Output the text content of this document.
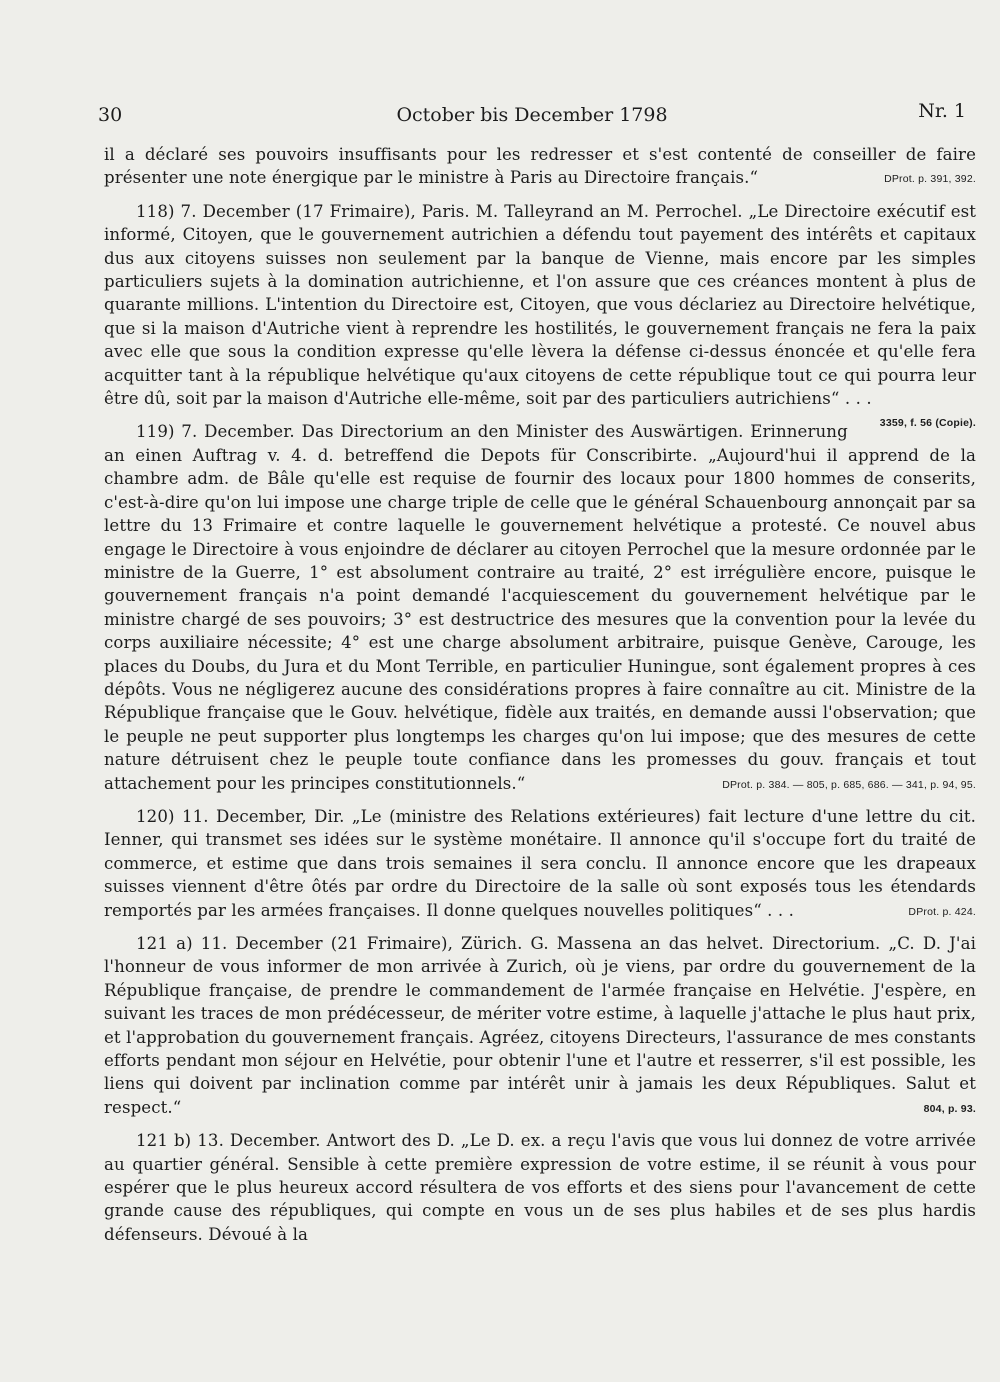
30	October bis December 1798	Nr. 1

il a déclaré ses pouvoirs insuffisants pour les redresser et s'est contenté de conseiller de faire présenter une note énergique par le ministre à Paris au Directoire français.“	DProt. p. 391, 392.

118) 7. December (17 Frimaire), Paris. M. Talleyrand an M. Perrochel. „Le Directoire exécutif est informé, Citoyen, que le gouvernement autrichien a défendu tout payement des intérêts et capitaux dus aux citoyens suisses non seulement par la banque de Vienne, mais encore par les simples particuliers sujets à la domination autrichienne, et l'on assure que ces créances montent à plus de quarante millions. L'intention du Directoire est, Citoyen, que vous déclariez au Directoire helvétique, que si la maison d'Autriche vient à reprendre les hostilités, le gouvernement français ne fera la paix avec elle que sous la condition expresse qu'elle lèvera la défense ci-dessus énoncée et qu'elle fera acquitter tant à la république helvétique qu'aux citoyens de cette république tout ce qui pourra leur être dû, soit par la maison d'Autriche elle-même, soit par des particuliers autrichiens“ . . .
3359, f. 56 (Copie).

119) 7. December. Das Directorium an den Minister des Auswärtigen. Erinnerung an einen Auftrag v. 4. d. betreffend die Depots für Conscribirte. „Aujourd'hui il apprend de la chambre adm. de Bâle qu'elle est requise de fournir des locaux pour 1800 hommes de conserits, c'est-à-dire qu'on lui impose une charge triple de celle que le général Schauenbourg annonçait par sa lettre du 13 Frimaire et contre laquelle le gouvernement helvétique a protesté. Ce nouvel abus engage le Directoire à vous enjoindre de déclarer au citoyen Perrochel que la mesure ordonnée par le ministre de la Guerre, 1° est absolument contraire au traité, 2° est irrégulière encore, puisque le gouvernement français n'a point demandé l'acquiescement du gouvernement helvétique par le ministre chargé de ses pouvoirs; 3° est destructrice des mesures que la convention pour la levée du corps auxiliaire nécessite; 4° est une charge absolument arbitraire, puisque Genève, Carouge, les places du Doubs, du Jura et du Mont Terrible, en particulier Huningue, sont également propres à ces dépôts. Vous ne négligerez aucune des considérations propres à faire connaître au cit. Ministre de la République française que le Gouv. helvétique, fidèle aux traités, en demande aussi l'observation; que le peuple ne peut supporter plus longtemps les charges qu'on lui impose; que des mesures de cette nature détruisent chez le peuple toute confiance dans les promesses du gouv. français et tout attachement pour les principes constitutionnels.“	DProt. p. 384. — 805, p. 685, 686. — 341, p. 94, 95.

120) 11. December, Dir. „Le (ministre des Relations extérieures) fait lecture d'une lettre du cit. Ienner, qui transmet ses idées sur le système monétaire. Il annonce qu'il s'occupe fort du traité de commerce, et estime que dans trois semaines il sera conclu. Il annonce encore que les drapeaux suisses viennent d'être ôtés par ordre du Directoire de la salle où sont exposés tous les étendards remportés par les armées françaises. Il donne quelques nouvelles politiques“ . . .	DProt. p. 424.

121 a) 11. December (21 Frimaire), Zürich. G. Massena an das helvet. Directorium. „C. D. J'ai l'honneur de vous informer de mon arrivée à Zurich, où je viens, par ordre du gouvernement de la République française, de prendre le commandement de l'armée française en Helvétie. J'espère, en suivant les traces de mon prédécesseur, de mériter votre estime, à laquelle j'attache le plus haut prix, et l'approbation du gouvernement français. Agréez, citoyens Directeurs, l'assurance de mes constants efforts pendant mon séjour en Helvétie, pour obtenir l'une et l'autre et resserrer, s'il est possible, les liens qui doivent par inclination comme par intérêt unir à jamais les deux Républiques. Salut et respect.“	804, p. 93.

121 b) 13. December. Antwort des D. „Le D. ex. a reçu l'avis que vous lui donnez de votre arrivée au quartier général. Sensible à cette première expression de votre estime, il se réunit à vous pour espérer que le plus heureux accord résultera de vos efforts et des siens pour l'avancement de cette grande cause des républiques, qui compte en vous un de ses plus habiles et de ses plus hardis défenseurs. Dévoué à la
